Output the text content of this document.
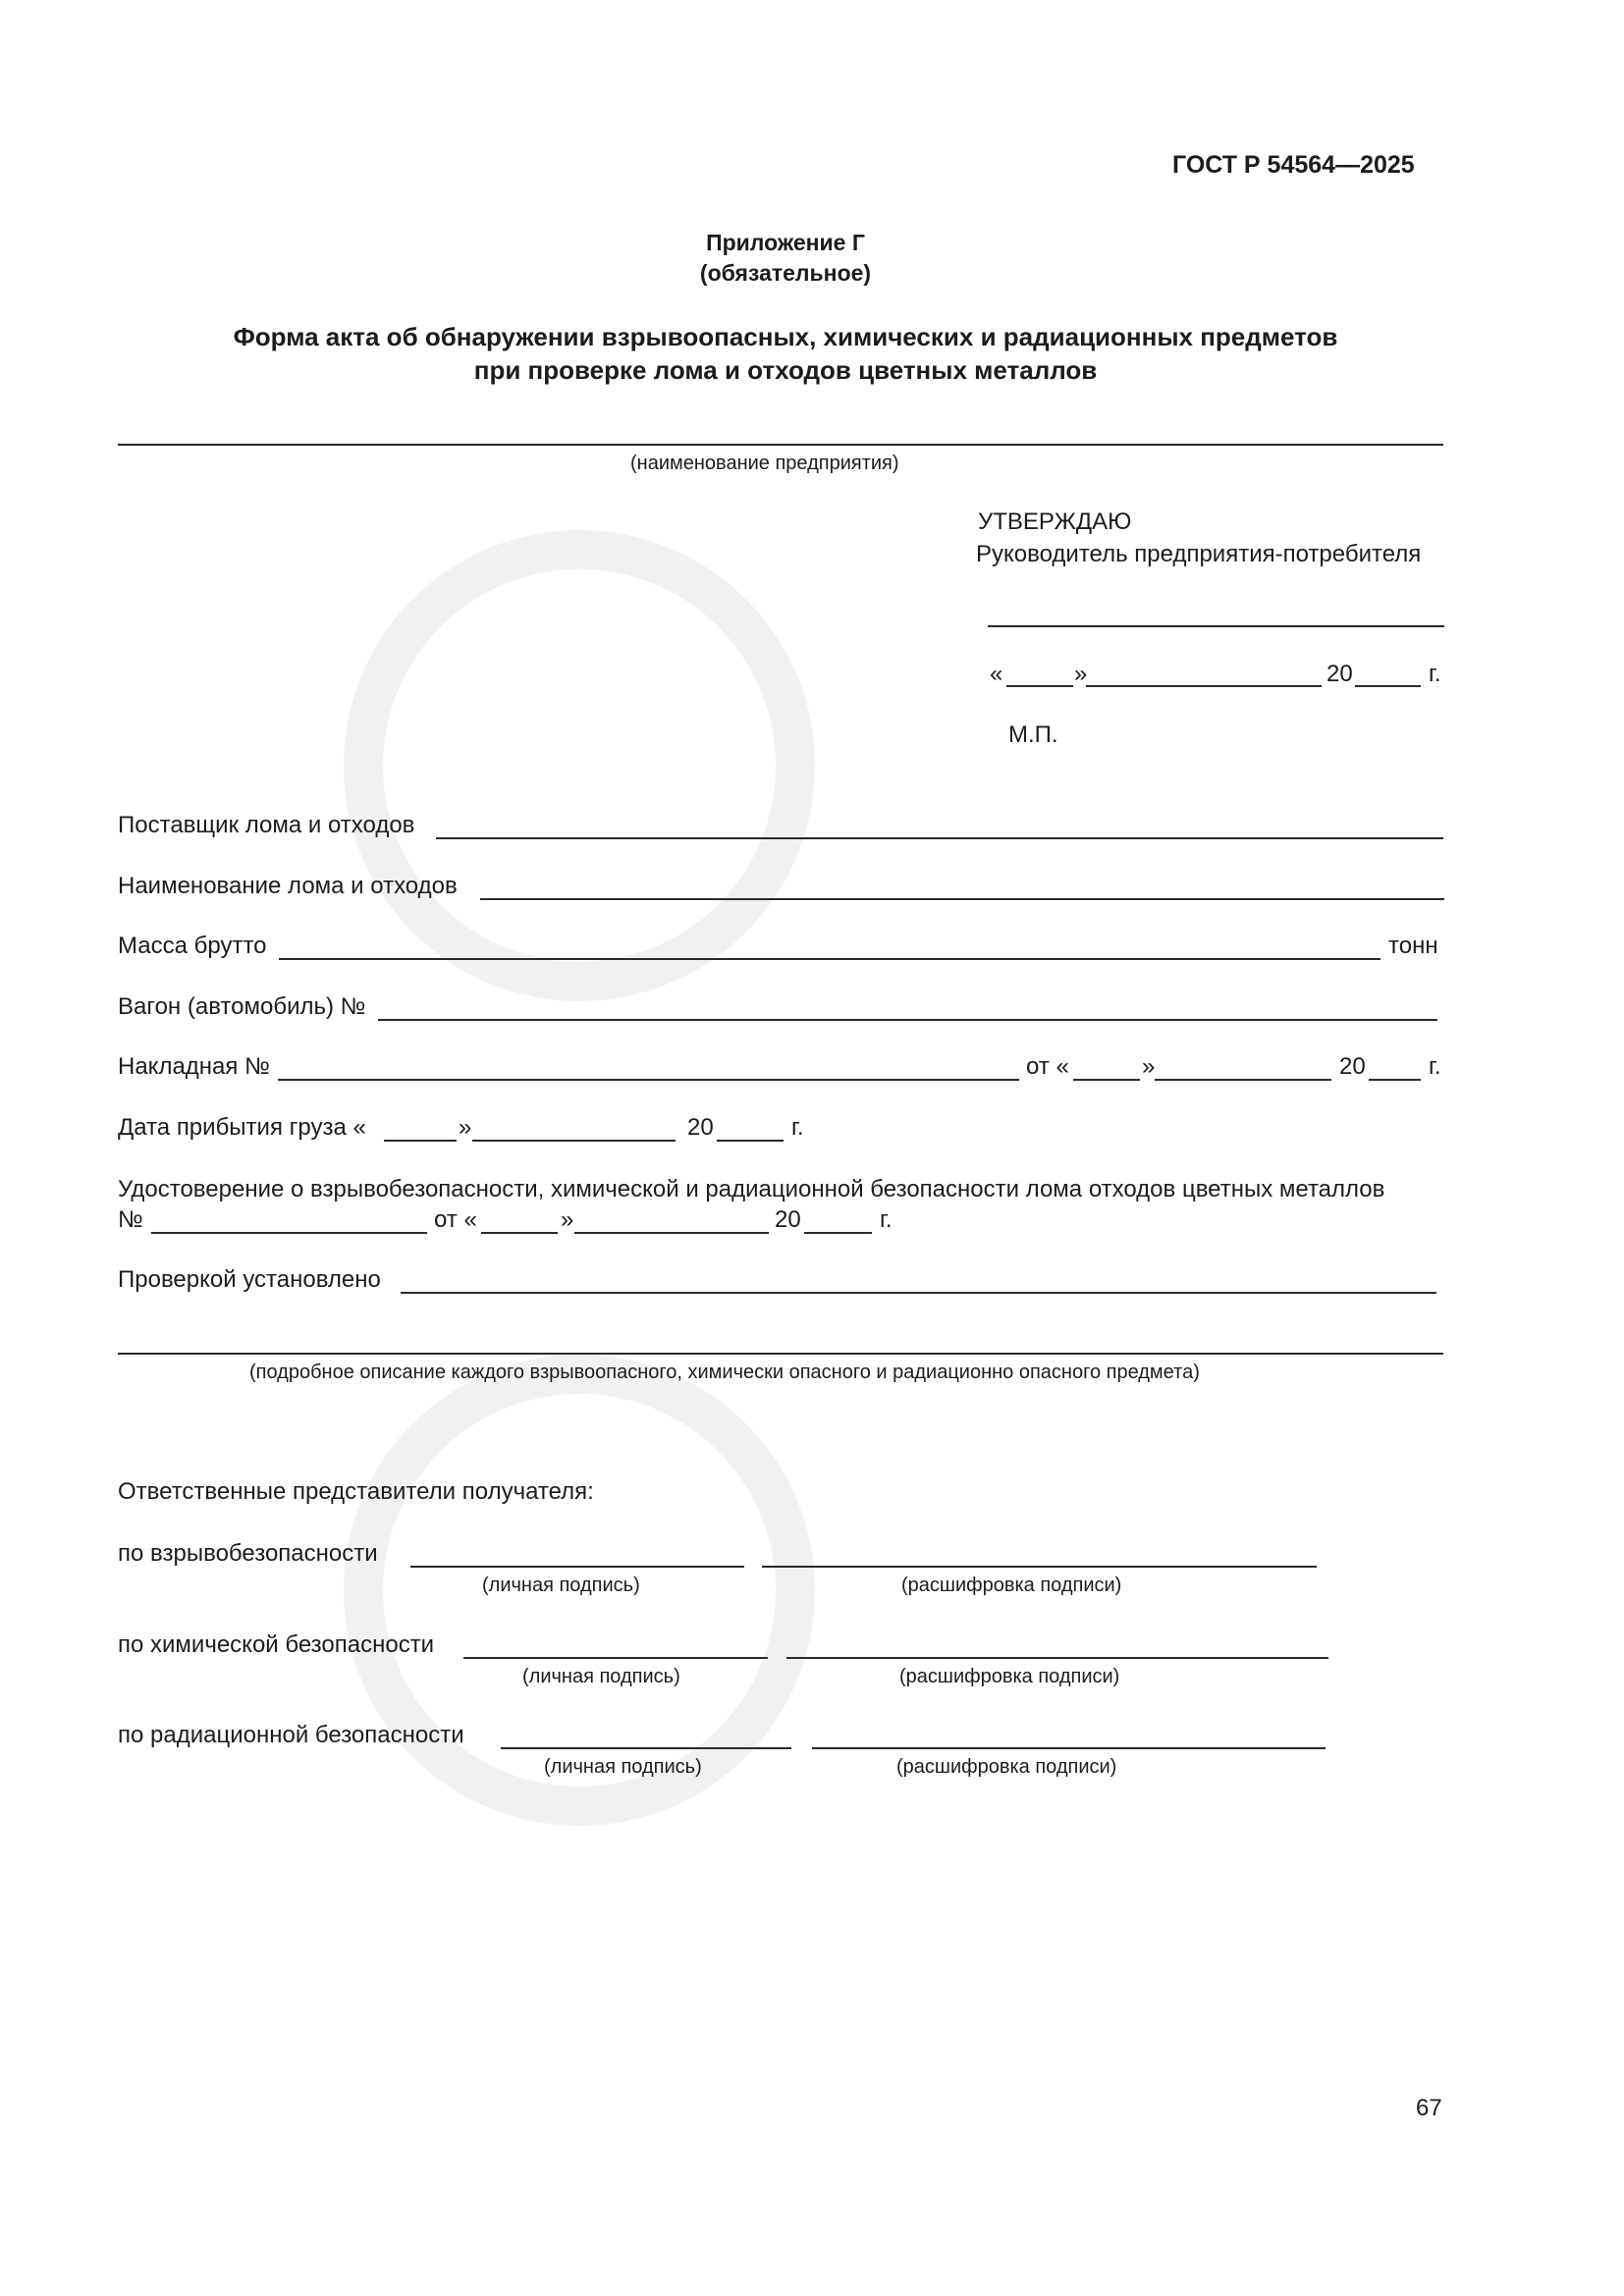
ГОСТ Р 54564—2025
Приложение Г
(обязательное)
Форма акта об обнаружении взрывоопасных, химических и радиационных предметов
при проверке лома и отходов цветных металлов
(наименование предприятия)
УТВЕРЖДАЮ
Руководитель предприятия-потребителя
«	»	20	г.
М.П.
Поставщик лома и отходов
Наименование лома и отходов
Масса брутто	тонн
Вагон (автомобиль) №
Накладная №	от «	»	20	г.
Дата прибытия груза «	»	20	г.
Удостоверение о взрывобезопасности, химической и радиационной безопасности лома отходов цветных металлов
№	от «	»	20	г.
Проверкой установлено
(подробное описание каждого взрывоопасного, химически опасного и радиационно опасного предмета)
Ответственные представители получателя:
по взрывобезопасности
(личная подпись)	(расшифровка подписи)
по химической безопасности
(личная подпись)	(расшифровка подписи)
по радиационной безопасности
(личная подпись)	(расшифровка подписи)
67
